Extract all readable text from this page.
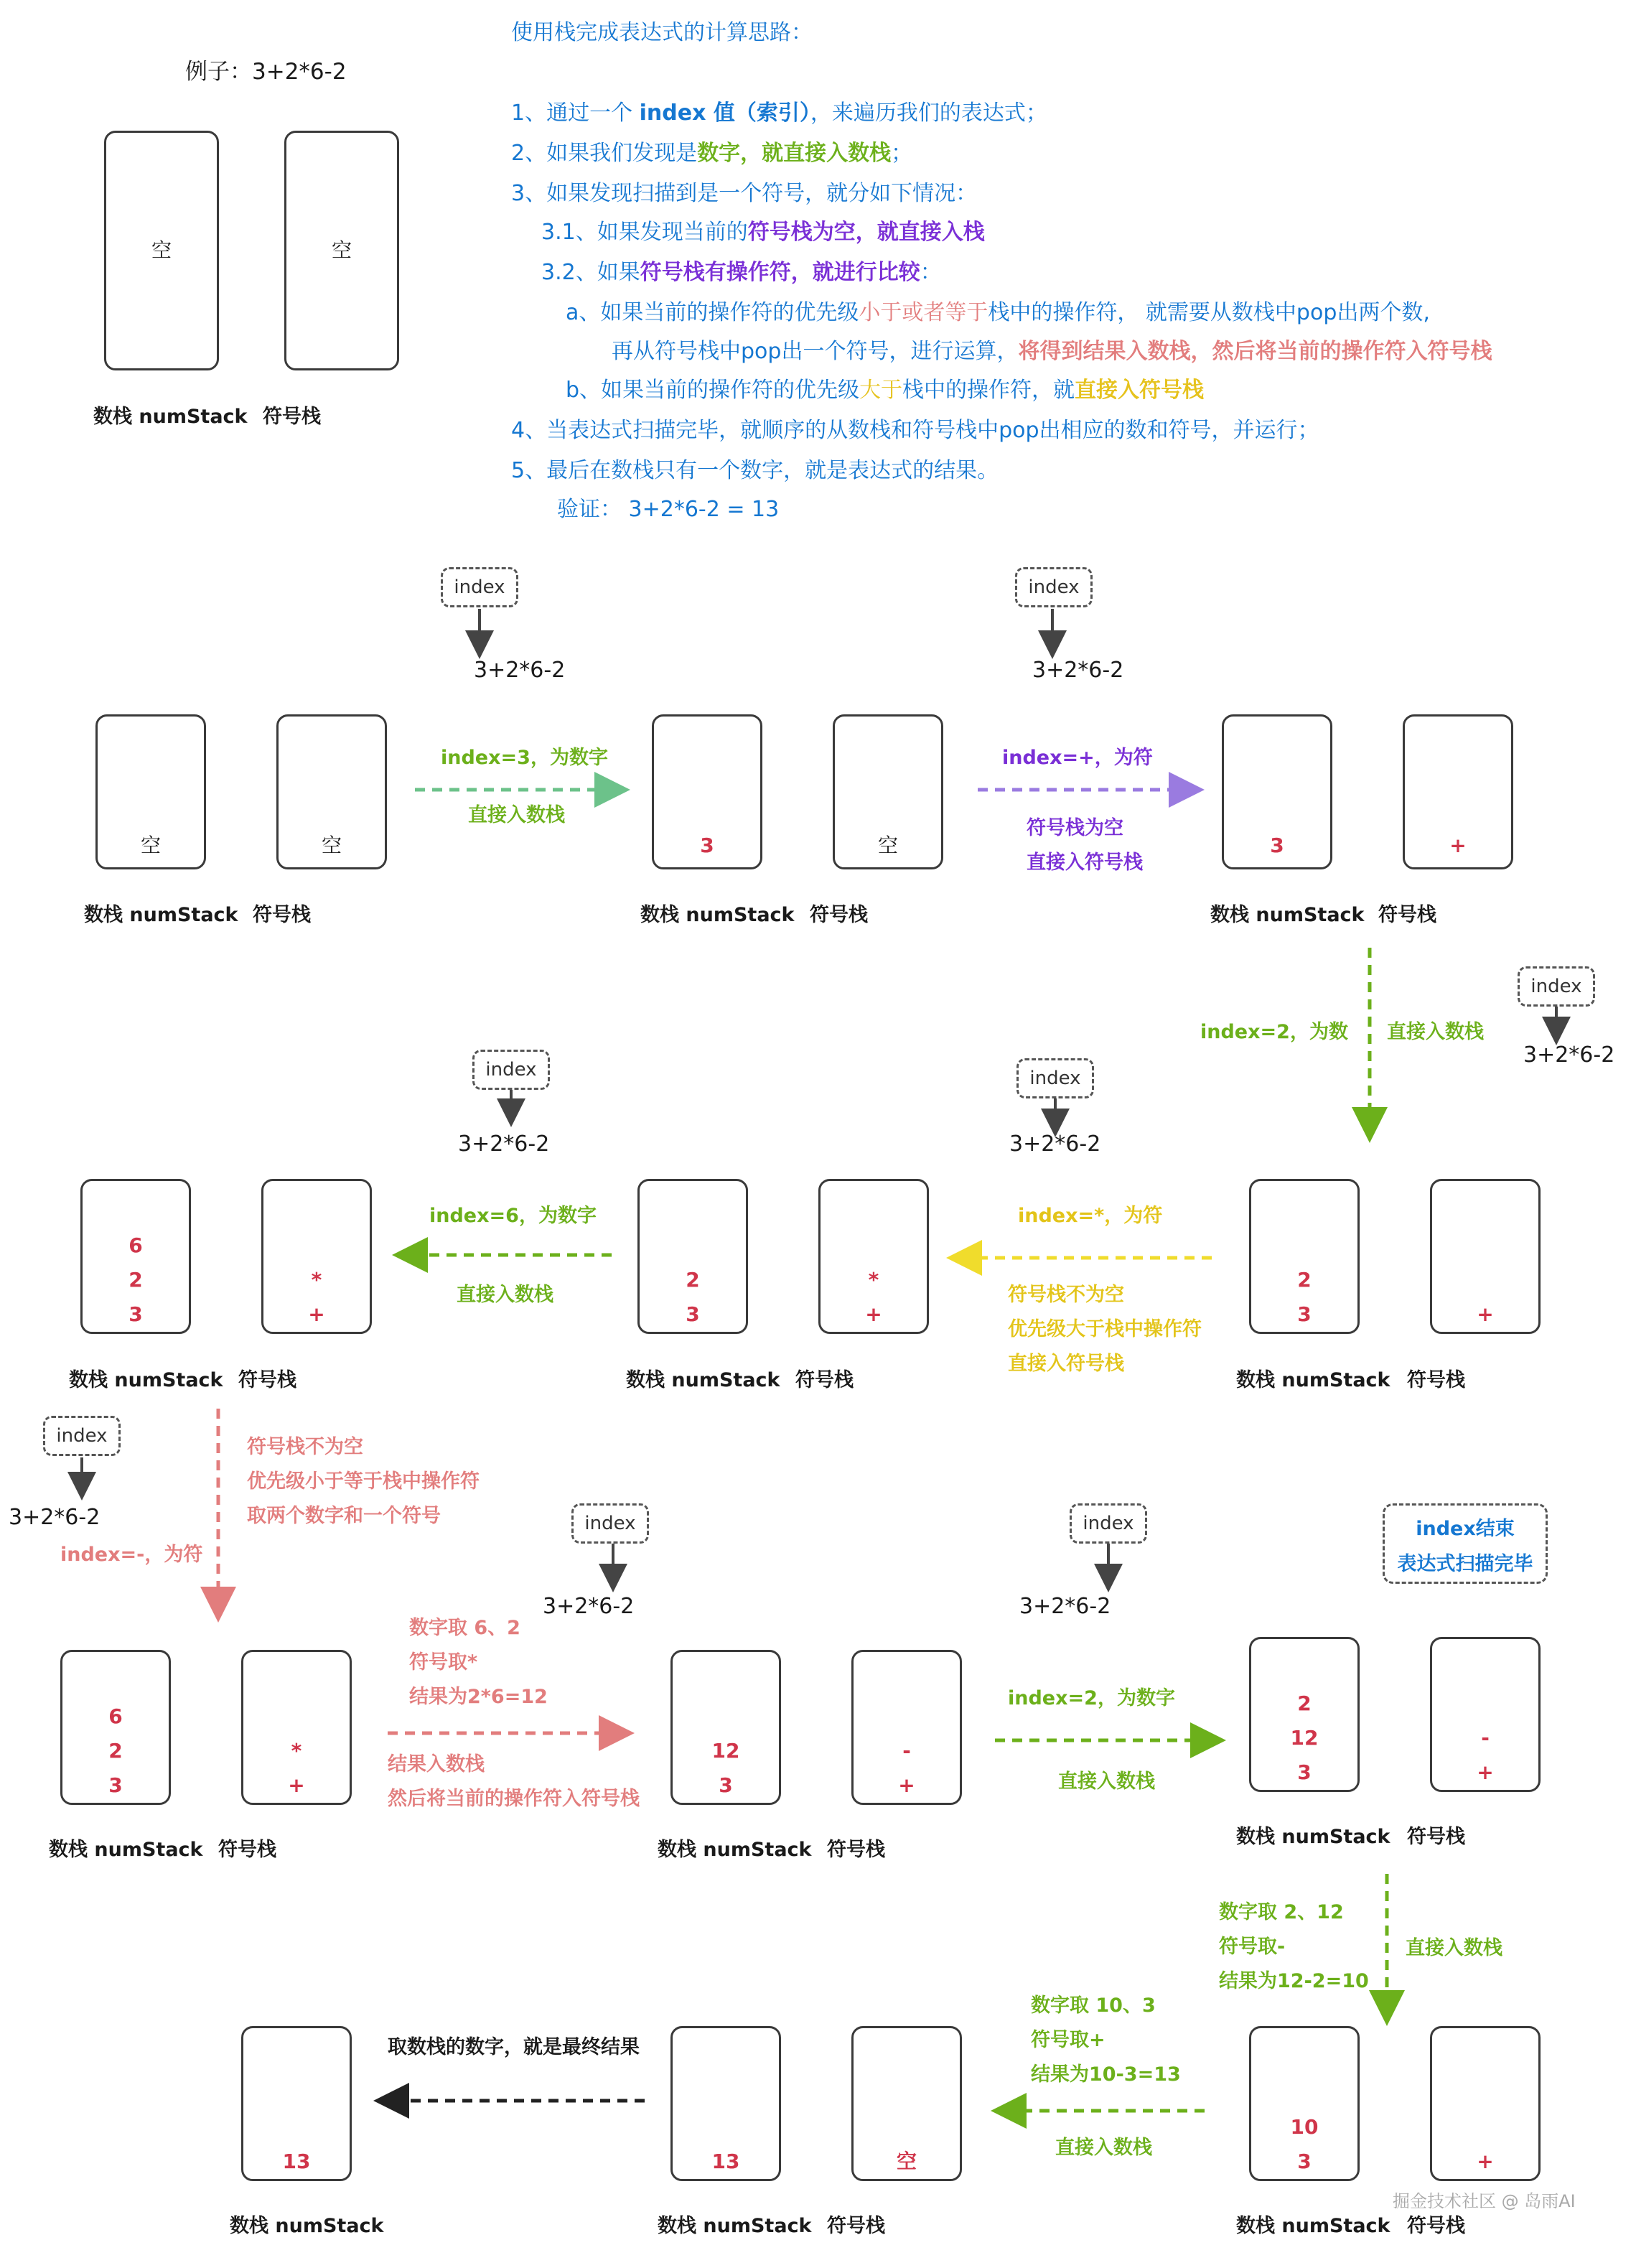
例子：3+2*6-2
空	空
数栈 numStack 符号栈
使用栈完成表达式的计算思路：
1、通过一个 index 值（索引），来遍历我们的表达式；
2、如果我们发现是数字，就直接入数栈；
3、如果发现扫描到是一个符号，就分如下情况：
3.1、如果发现当前的符号栈为空，就直接入栈
3.2、如果符号栈有操作符，就进行比较：
a、如果当前的操作符的优先级小于或者等于栈中的操作符， 就需要从数栈中pop出两个数,
再从符号栈中pop出一个符号，进行运算，将得到结果入数栈，然后将当前的操作符入符号栈
b、如果当前的操作符的优先级大于栈中的操作符，就直接入符号栈
4、当表达式扫描完毕，就顺序的从数栈和符号栈中pop出相应的数和符号，并运行；
5、最后在数栈只有一个数字，就是表达式的结果。
验证： 3+2*6-2 = 13
index
3+2*6-2
index
3+2*6-2
空	空
数栈 numStack 符号栈
index=3，为数字
直接入数栈
3	空
数栈 numStack 符号栈
index=+，为符
符号栈为空
直接入符号栈
3	+
数栈 numStack 符号栈
index=2，为数 直接入数栈
index
3+2*6-2
index
3+2*6-2
index
3+2*6-2
6
2
3
*
+
数栈 numStack 符号栈
index=6，为数字
直接入数栈
2
3
*
+
数栈 numStack 符号栈
index=*，为符
符号栈不为空
优先级大于栈中操作符
直接入符号栈
2
3	+
数栈 numStack 符号栈
index
3+2*6-2
index=-，为符
符号栈不为空
优先级小于等于栈中操作符
取两个数字和一个符号	index
3+2*6-2
index
3+2*6-2
index结束
表达式扫描完毕
6
2
3
*
+
数栈 numStack 符号栈
数字取 6、2
符号取*
结果为2*6=12
结果入数栈
然后将当前的操作符入符号栈
12
3
-
+
数栈 numStack 符号栈
index=2，为数字
直接入数栈
2
12
3
-
+
数栈 numStack 符号栈
数字取 2、12
符号取-
结果为12-2=10
直接入数栈
13
数栈 numStack
取数栈的数字，就是最终结果
13	空
数栈 numStack 符号栈
数字取 10、3
符号取+
结果为10-3=13
直接入数栈
10
3	+
数栈 numStack 符号栈
掘金技术社区 @ 岛雨AI
